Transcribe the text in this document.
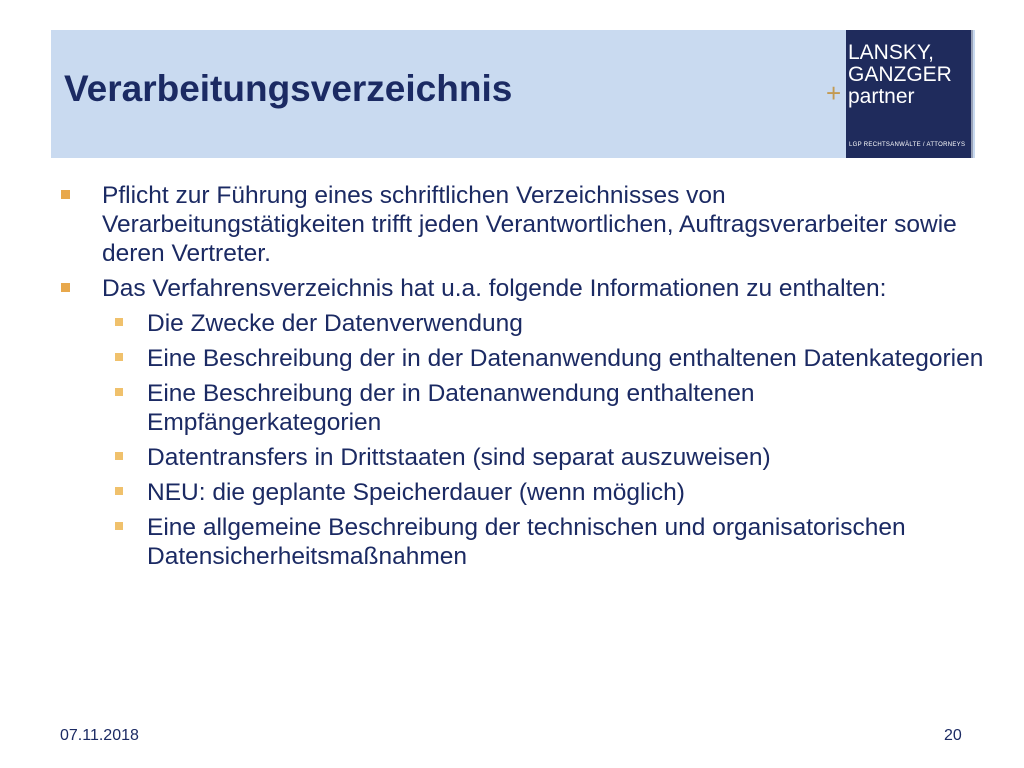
Verarbeitungsverzeichnis	+
LANSKY,
GANZGER
partner
LGP RECHTSANWÄLTE / ATTORNEYS
Pflicht zur Führung eines schriftlichen Verzeichnisses von Verarbeitungstätigkeiten trifft jeden Verantwortlichen, Auftragsverarbeiter sowie deren Vertreter.
Das Verfahrensverzeichnis hat u.a. folgende Informationen zu enthalten:
Die Zwecke der Datenverwendung
Eine Beschreibung der in der Datenanwendung enthaltenen Datenkategorien
Eine Beschreibung der in Datenanwendung enthaltenen Empfängerkategorien
Datentransfers in Drittstaaten (sind separat auszuweisen)
NEU: die geplante Speicherdauer (wenn möglich)
Eine allgemeine Beschreibung der technischen und organisatorischen Datensicherheitsmaßnahmen
07.11.2018	20
